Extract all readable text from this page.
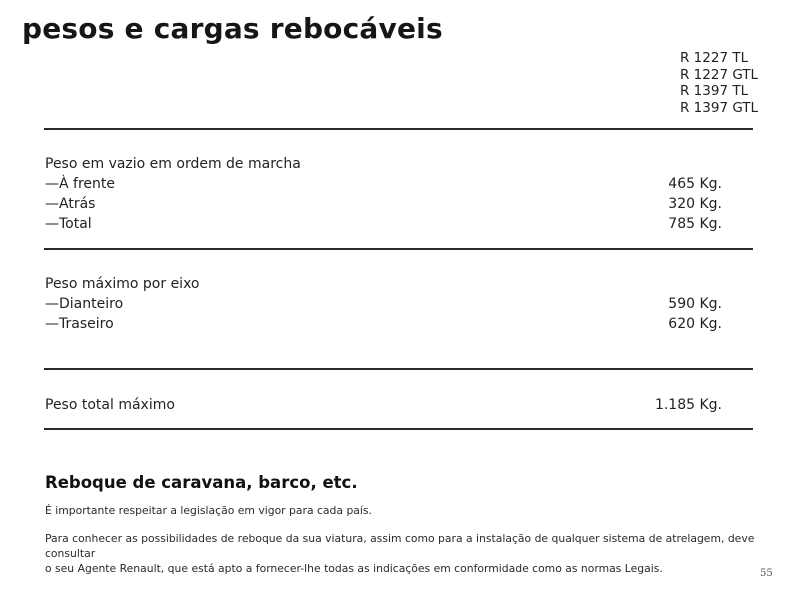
pesos e cargas rebocáveis
R 1227 TL
R 1227 GTL
R 1397 TL
R 1397 GTL
Peso em vazio em ordem de marcha
—À frente	465 Kg.
—Atrás	320 Kg.
—Total	785 Kg.
Peso máximo por eixo
—Dianteiro	590 Kg.
—Traseiro	620 Kg.
Peso total máximo	1.185 Kg.
Reboque de caravana, barco, etc.
É importante respeitar a legislação em vigor para cada país.
Para conhecer as possibilidades de reboque da sua viatura, assim como para a instalação de qualquer sistema de atrelagem, deve consultar
o seu Agente Renault, que está apto a fornecer-lhe todas as indicações em conformidade como as normas Legais.	55
